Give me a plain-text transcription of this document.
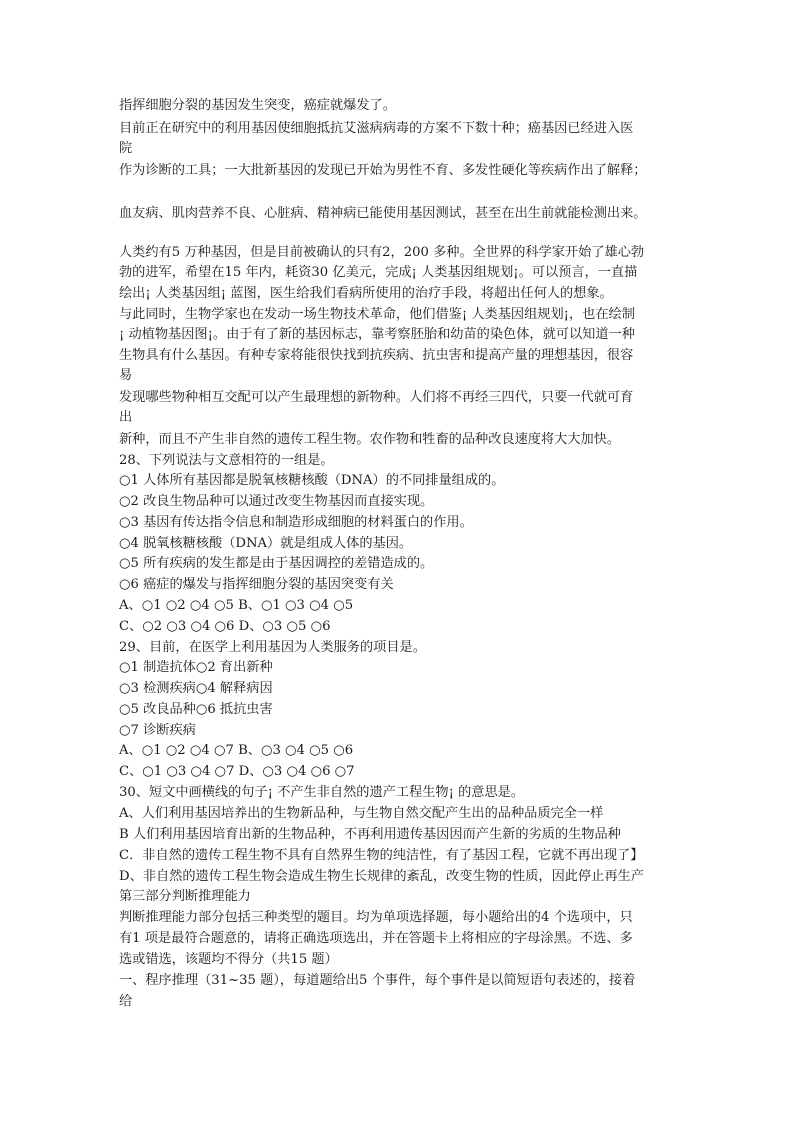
指挥细胞分裂的基因发生突变，癌症就爆发了。

目前正在研究中的利用基因使细胞抵抗艾滋病病毒的方案不下数十种；癌基因已经进入医

院

作为诊断的工具；一大批新基因的发现已开始为男性不育、多发性硬化等疾病作出了解释；

血友病、肌肉营养不良、心脏病、精神病已能使用基因测试，甚至在出生前就能检测出来。

人类约有5 万种基因，但是目前被确认的只有2，200 多种。全世界的科学家开始了雄心勃

勃的进军，希望在15 年内，耗资30 亿美元，完成¡ 人类基因组规划¡。可以预言，一直描

绘出¡ 人类基因组¡ 蓝图，医生给我们看病所使用的治疗手段，将超出任何人的想象。

与此同时，生物学家也在发动一场生物技术革命，他们借鉴¡ 人类基因组规划¡，也在绘制

¡ 动植物基因图¡。由于有了新的基因标志，靠考察胚胎和幼苗的染色体，就可以知道一种

生物具有什么基因。有种专家将能很快找到抗疾病、抗虫害和提高产量的理想基因，很容

易

发现哪些物种相互交配可以产生最理想的新物种。人们将不再经三四代，只要一代就可育

出

新种，而且不产生非自然的遗传工程生物。农作物和牲畜的品种改良速度将大大加快。

28、下列说法与文意相符的一组是。

○1 人体所有基因都是脱氧核糖核酸（DNA）的不同排量组成的。

○2 改良生物品种可以通过改变生物基因而直接实现。

○3 基因有传达指令信息和制造形成细胞的材料蛋白的作用。

○4 脱氧核糖核酸（DNA）就是组成人体的基因。

○5 所有疾病的发生都是由于基因调控的差错造成的。

○6 癌症的爆发与指挥细胞分裂的基因突变有关

A、○1 ○2 ○4 ○5 B、○1 ○3 ○4 ○5

C、○2 ○3 ○4 ○6 D、○3 ○5 ○6

29、目前，在医学上利用基因为人类服务的项目是。

○1 制造抗体○2 育出新种

○3 检测疾病○4 解释病因

○5 改良品种○6 抵抗虫害

○7 诊断疾病

A、○1 ○2 ○4 ○7 B、○3 ○4 ○5 ○6

C、○1 ○3 ○4 ○7 D、○3 ○4 ○6 ○7

30、短文中画横线的句子¡ 不产生非自然的遗产工程生物¡ 的意思是。

A、人们利用基因培养出的生物新品种，与生物自然交配产生出的品种品质完全一样

B 人们利用基因培育出新的生物品种，不再利用遗传基因因而产生新的劣质的生物品种

C．非自然的遗传工程生物不具有自然界生物的纯洁性，有了基因工程，它就不再出现了】

D、非自然的遗传工程生物会造成生物生长规律的紊乱，改变生物的性质，因此停止再生产

第三部分判断推理能力

判断推理能力部分包括三种类型的题目。均为单项选择题，每小题给出的4 个选项中，只

有1 项是最符合题意的，请将正确选项选出，并在答题卡上将相应的字母涂黑。不选、多

选或错选，该题均不得分（共15 题）

一、程序推理（31~35 题），每道题给出5 个事件，每个事件是以简短语句表述的，接着

给
